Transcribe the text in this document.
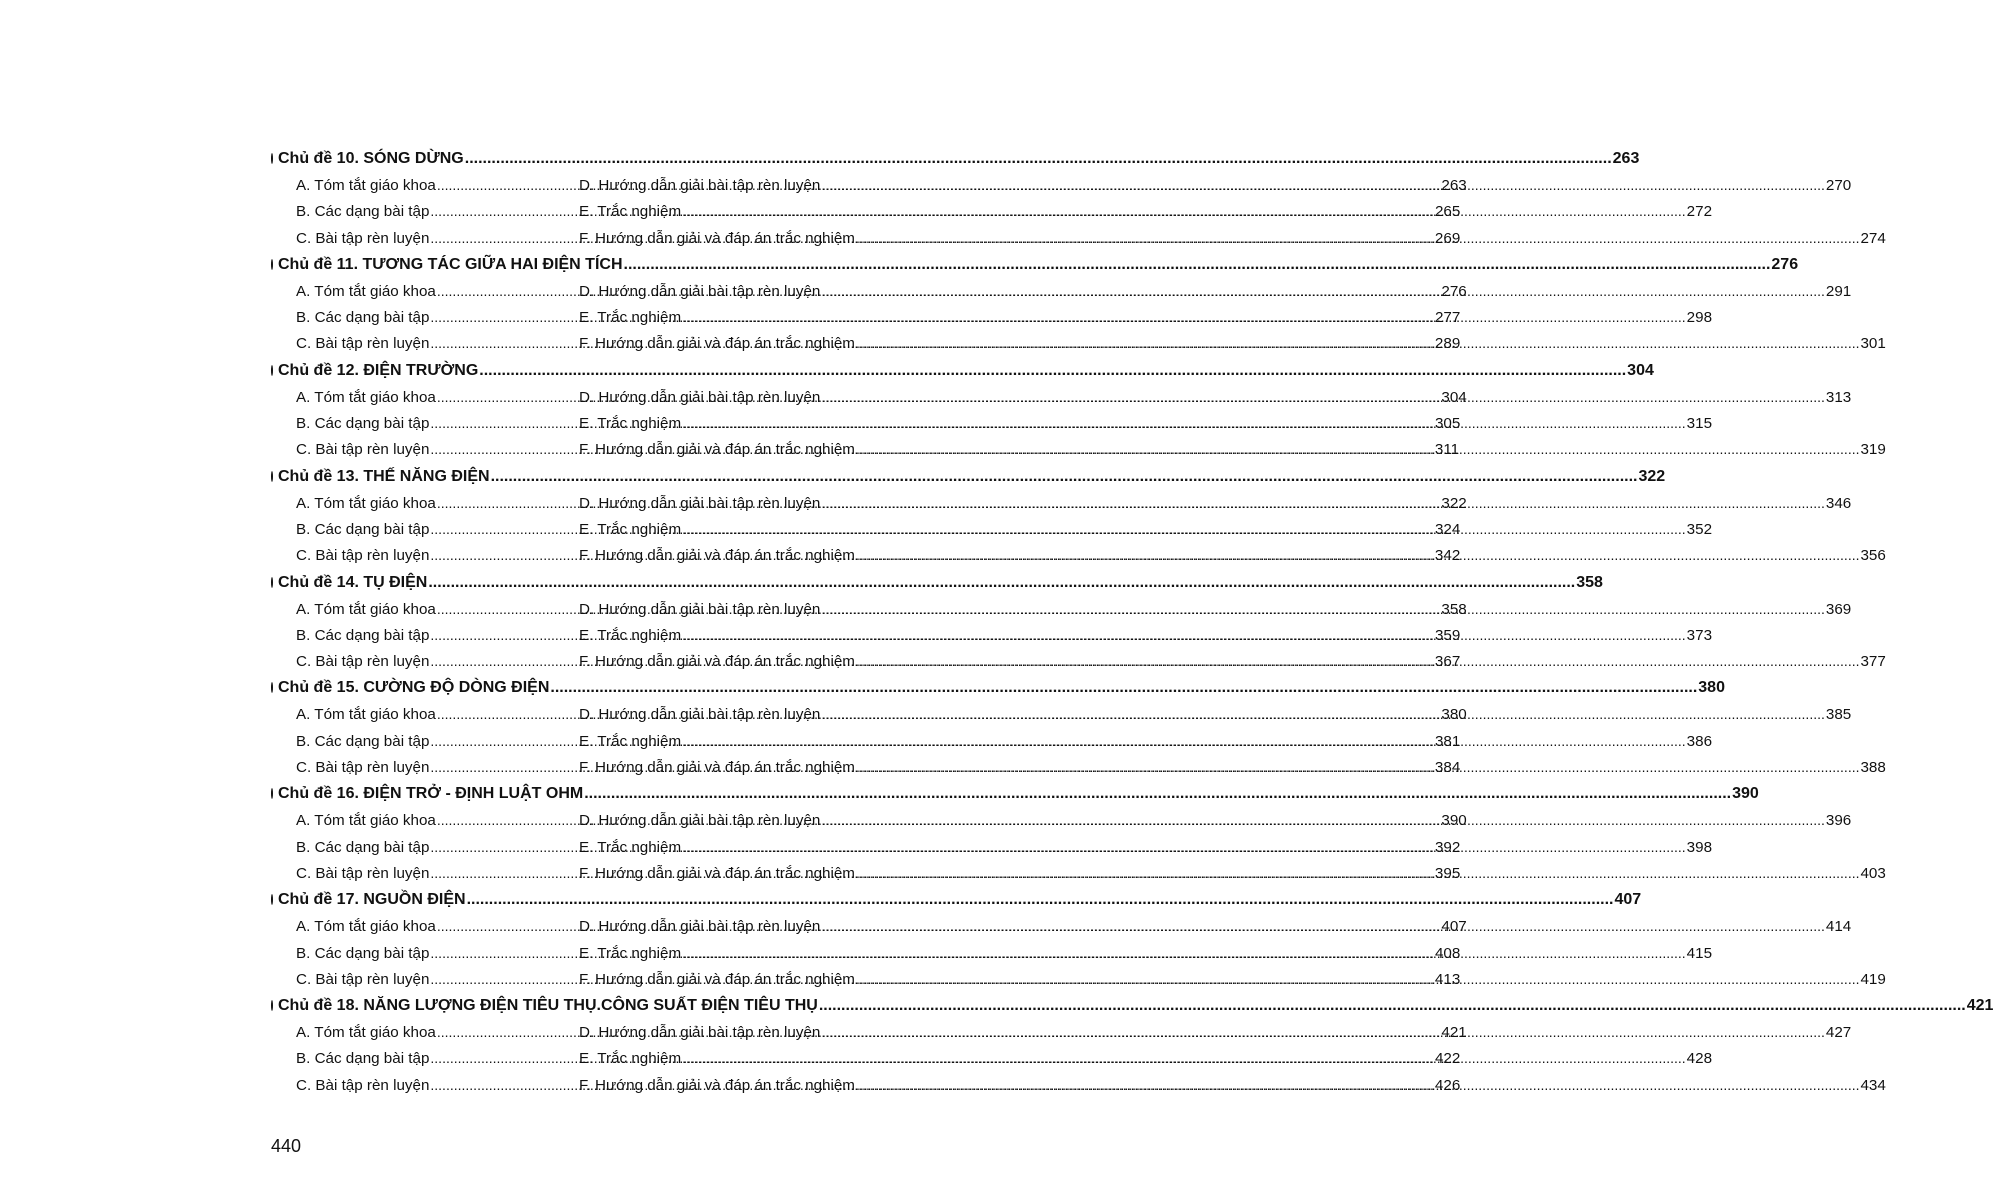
Chủ đề 10. SÓNG DỪNG .....	263
A. Tóm tắt giáo khoa .....	263
D. Hướng dẫn giải bài tập rèn luyện .....	270
B. Các dạng bài tập .....	265
E. Trắc nghiệm .....	272
C. Bài tập rèn luyện .....	269
F. Hướng dẫn giải và đáp án trắc nghiệm .....	274
Chủ đề 11. TƯƠNG TÁC GIỮA HAI ĐIỆN TÍCH .....	276
A. Tóm tắt giáo khoa .....	276
D. Hướng dẫn giải bài tập rèn luyện .....	291
B. Các dạng bài tập .....	277
E. Trắc nghiệm .....	298
C. Bài tập rèn luyện .....	289
F. Hướng dẫn giải và đáp án trắc nghiệm .....	301
Chủ đề 12. ĐIỆN TRƯỜNG .....	304
A. Tóm tắt giáo khoa .....	304
D. Hướng dẫn giải bài tập rèn luyện .....	313
B. Các dạng bài tập .....	305
E. Trắc nghiệm .....	315
C. Bài tập rèn luyện .....	311
F. Hướng dẫn giải và đáp án trắc nghiệm .....	319
Chủ đề 13. THẾ NĂNG ĐIỆN .....	322
A. Tóm tắt giáo khoa .....	322
D. Hướng dẫn giải bài tập rèn luyện .....	346
B. Các dạng bài tập .....	324
E. Trắc nghiệm .....	352
C. Bài tập rèn luyện .....	342
F. Hướng dẫn giải và đáp án trắc nghiệm .....	356
Chủ đề 14. TỤ ĐIỆN .....	358
A. Tóm tắt giáo khoa .....	358
D. Hướng dẫn giải bài tập rèn luyện .....	369
B. Các dạng bài tập .....	359
E. Trắc nghiệm .....	373
C. Bài tập rèn luyện .....	367
F. Hướng dẫn giải và đáp án trắc nghiệm .....	377
Chủ đề 15. CƯỜNG ĐỘ DÒNG ĐIỆN .....	380
A. Tóm tắt giáo khoa .....	380
D. Hướng dẫn giải bài tập rèn luyện .....	385
B. Các dạng bài tập .....	381
E. Trắc nghiệm .....	386
C. Bài tập rèn luyện .....	384
F. Hướng dẫn giải và đáp án trắc nghiệm .....	388
Chủ đề 16. ĐIỆN TRỞ - ĐỊNH LUẬT OHM .....	390
A. Tóm tắt giáo khoa .....	390
D. Hướng dẫn giải bài tập rèn luyện .....	396
B. Các dạng bài tập .....	392
E. Trắc nghiệm .....	398
C. Bài tập rèn luyện .....	395
F. Hướng dẫn giải và đáp án trắc nghiệm .....	403
Chủ đề 17. NGUỒN ĐIỆN .....	407
A. Tóm tắt giáo khoa .....	407
D. Hướng dẫn giải bài tập rèn luyện .....	414
B. Các dạng bài tập .....	408
E. Trắc nghiệm .....	415
C. Bài tập rèn luyện .....	413
F. Hướng dẫn giải và đáp án trắc nghiệm .....	419
Chủ đề 18. NĂNG LƯỢNG ĐIỆN TIÊU THỤ.CÔNG SUẤT ĐIỆN TIÊU THỤ .....	421
A. Tóm tắt giáo khoa .....	421
D. Hướng dẫn giải bài tập rèn luyện .....	427
B. Các dạng bài tập .....	422
E. Trắc nghiệm .....	428
C. Bài tập rèn luyện .....	426
F. Hướng dẫn giải và đáp án trắc nghiệm .....	434
440
